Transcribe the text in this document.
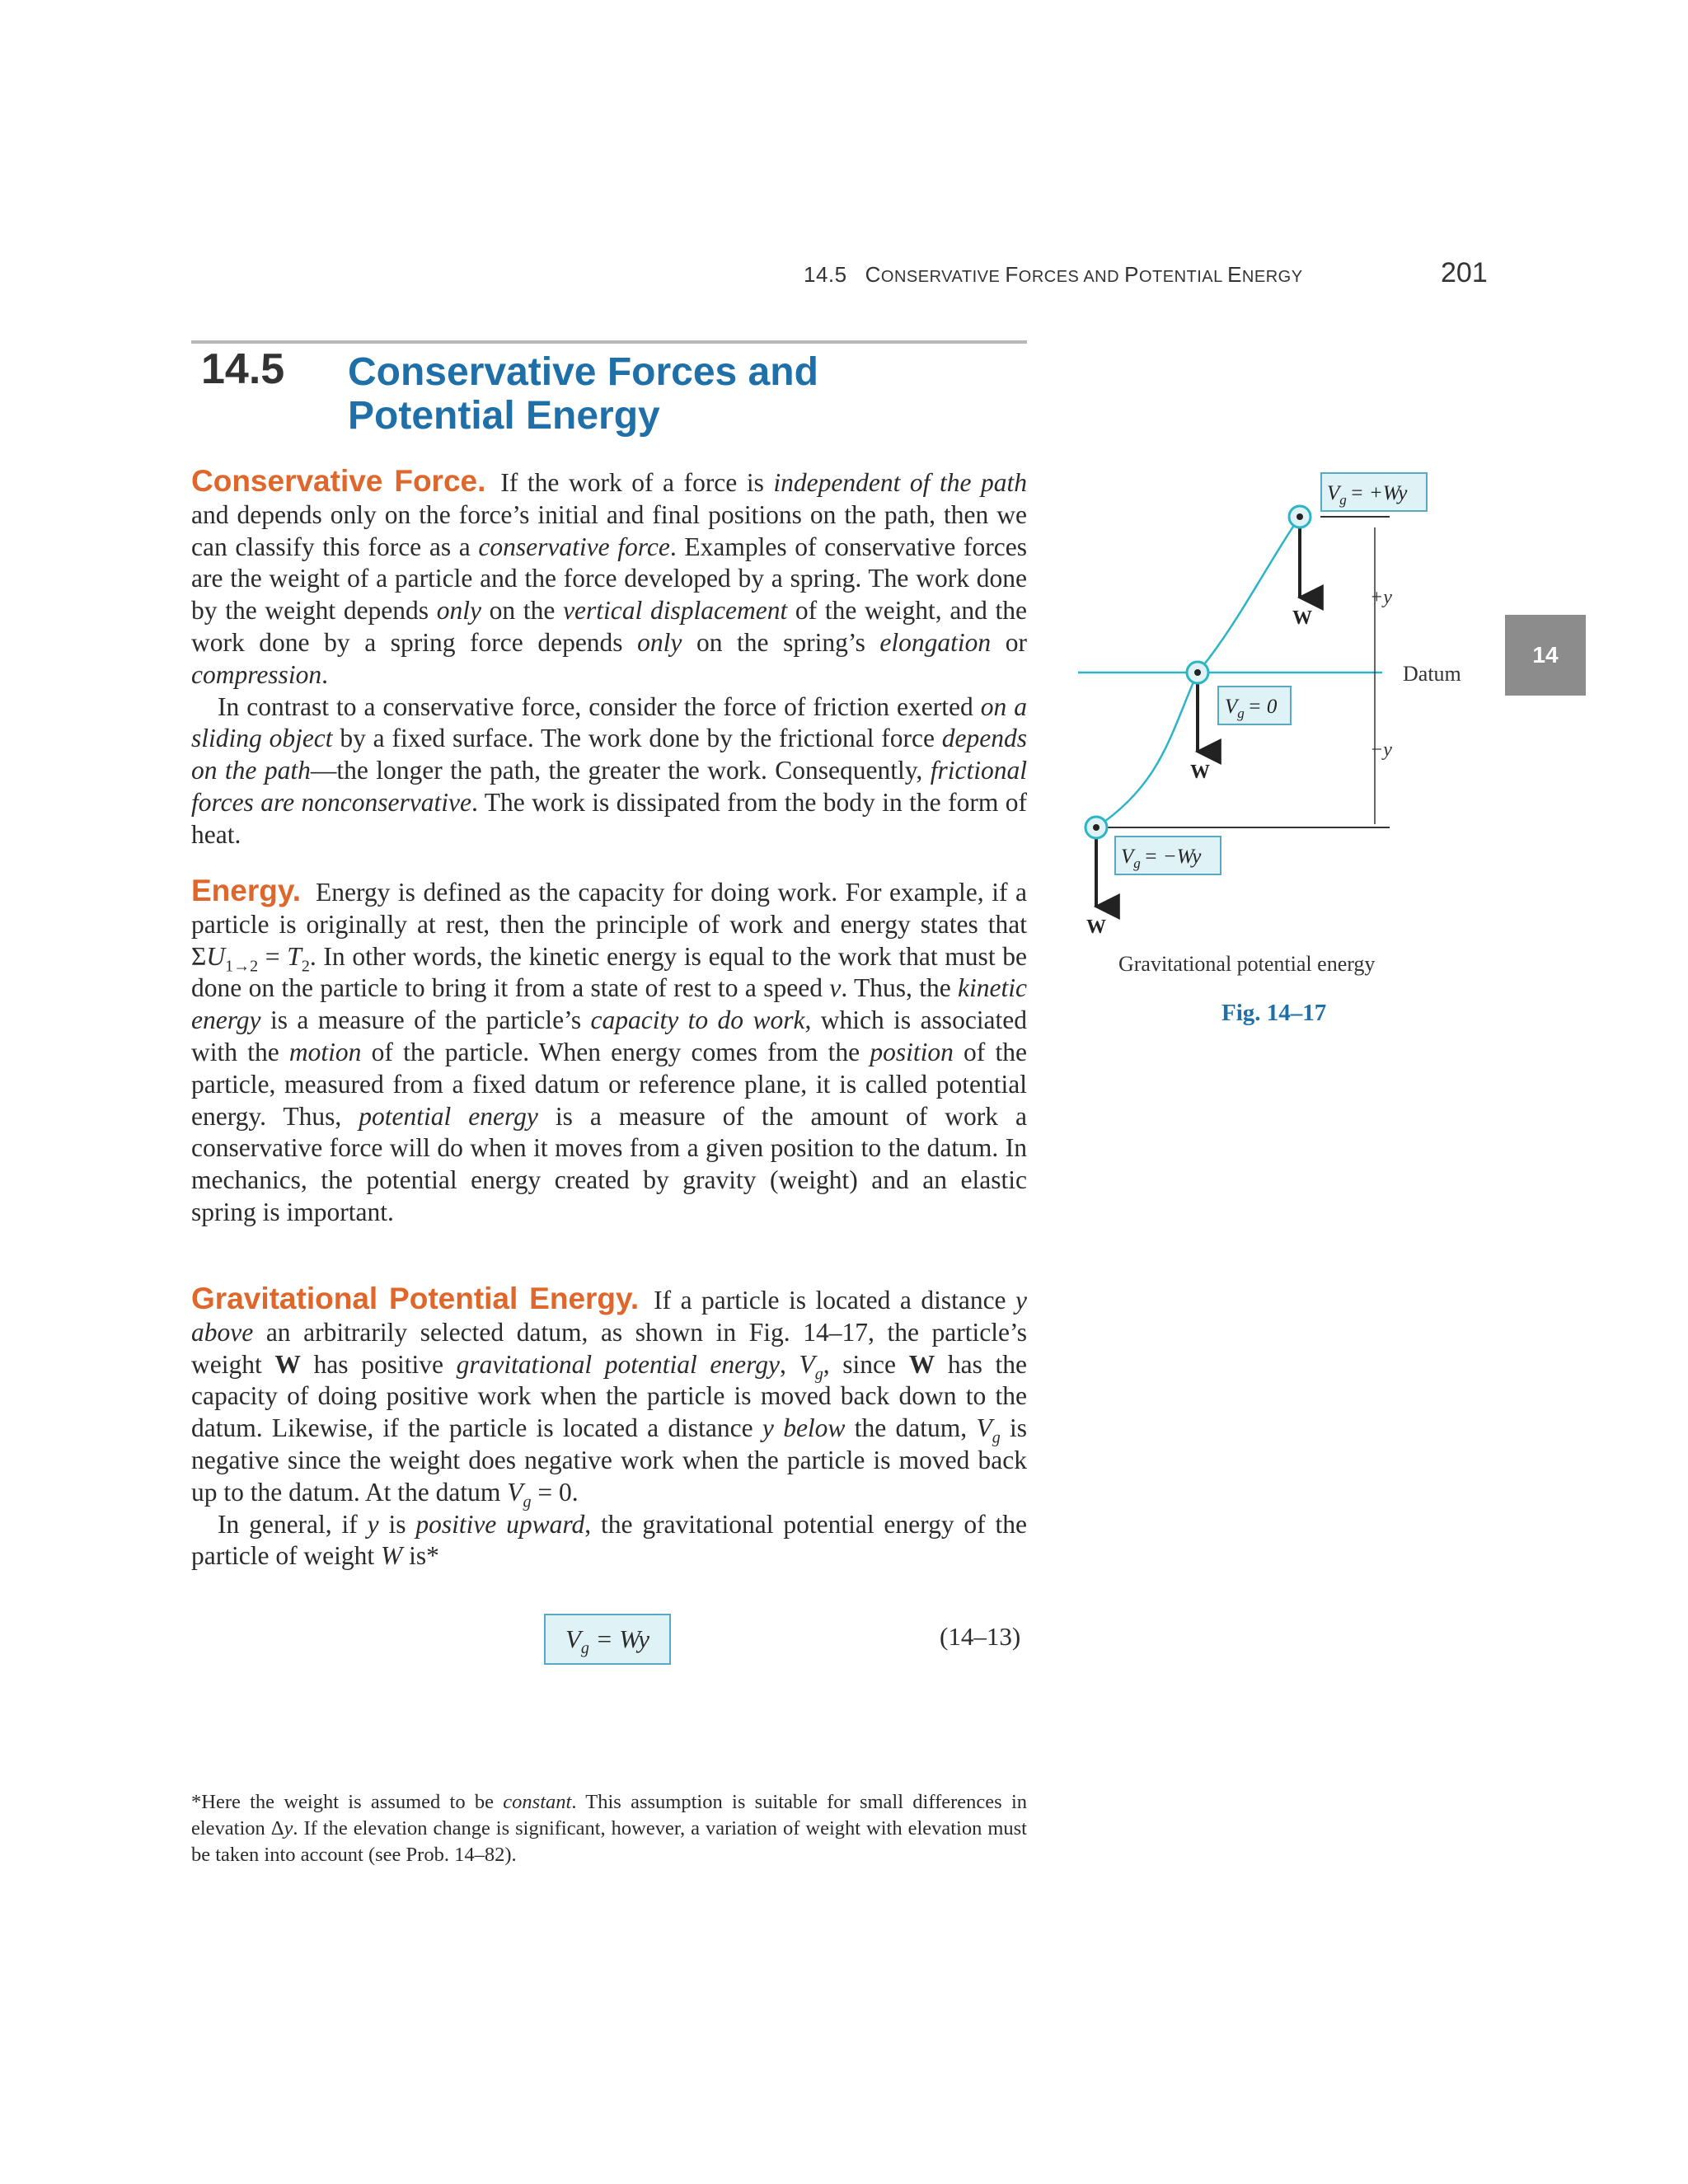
14.5 CONSERVATIVE FORCES AND POTENTIAL ENERGY	201
14.5 Conservative Forces and Potential Energy
14

Conservative Force. If the work of a force is independent of the path and depends only on the force’s initial and final positions on the path, then we can classify this force as a conservative force. Examples of conservative forces are the weight of a particle and the force developed by a spring. The work done by the weight depends only on the vertical displacement of the weight, and the work done by a spring force depends only on the spring’s elongation or compression.

In contrast to a conservative force, consider the force of friction exerted on a sliding object by a fixed surface. The work done by the frictional force depends on the path—the longer the path, the greater the work. Consequently, frictional forces are nonconservative. The work is dissipated from the body in the form of heat.

Energy. Energy is defined as the capacity for doing work. For example, if a particle is originally at rest, then the principle of work and energy states that $\Sigma U_{1\to 2} = T_2$. In other words, the kinetic energy is equal to the work that must be done on the particle to bring it from a state of rest to a speed v. Thus, the kinetic energy is a measure of the particle’s capacity to do work, which is associated with the motion of the particle. When energy comes from the position of the particle, measured from a fixed datum or reference plane, it is called potential energy. Thus, potential energy is a measure of the amount of work a conservative force will do when it moves from a given position to the datum. In mechanics, the potential energy created by gravity (weight) and an elastic spring is important.

Gravitational Potential Energy. If a particle is located a distance y above an arbitrarily selected datum, as shown in Fig. 14–17, the particle’s weight W has positive gravitational potential energy, $V_g$, since W has the capacity of doing positive work when the particle is moved back down to the datum. Likewise, if the particle is located a distance y below the datum, $V_g$ is negative since the weight does negative work when the particle is moved back up to the datum. At the datum $V_g = 0$.

In general, if y is positive upward, the gravitational potential energy of the particle of weight W is*

$V_g = Wy$	(14–13)

*Here the weight is assumed to be constant. This assumption is suitable for small differences in elevation Δy. If the elevation change is significant, however, a variation of weight with elevation must be taken into account (see Prob. 14–82).

+y
−y
Datum
W
W
W
$V_g = +Wy$
$V_g = 0$
$V_g = -Wy$
Gravitational potential energy
Fig. 14–17
